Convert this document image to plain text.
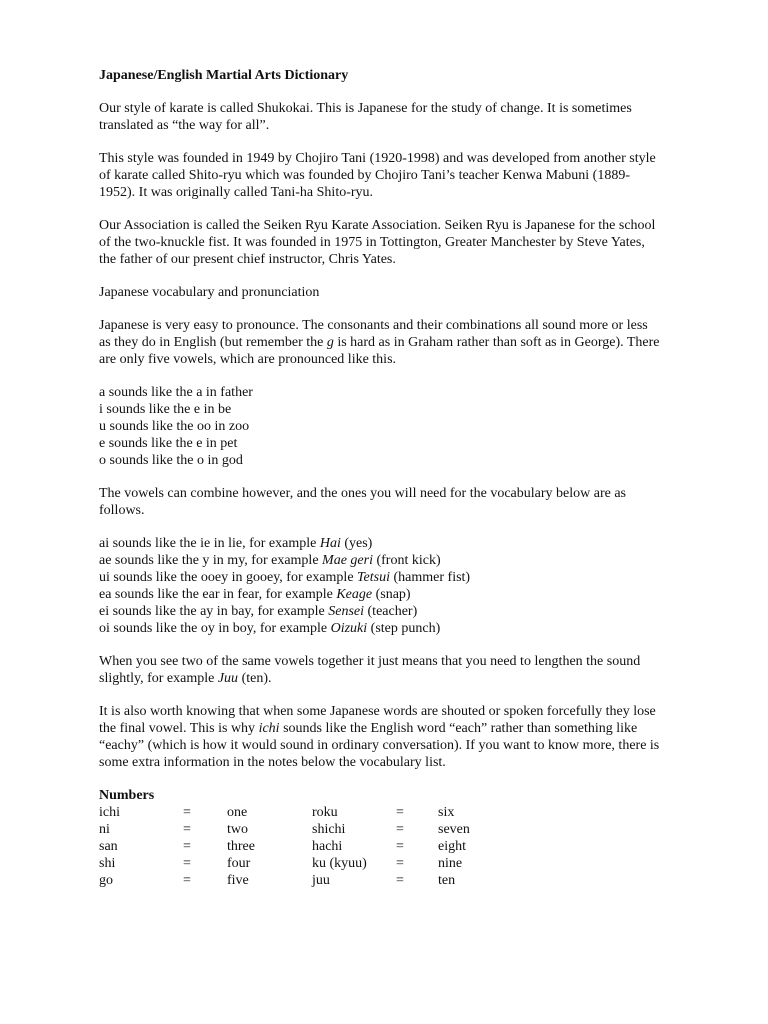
Japanese/English Martial Arts Dictionary

Our style of karate is called Shukokai. This is Japanese for the study of change. It is sometimes translated as “the way for all”.

This style was founded in 1949 by Chojiro Tani (1920-1998) and was developed from another style
of karate called Shito-ryu which was founded by Chojiro Tani’s teacher Kenwa Mabuni (1889-
1952). It was originally called Tani-ha Shito-ryu.
Our Association is called the Seiken Ryu Karate Association. Seiken Ryu is Japanese for the school
of the two-knuckle fist. It was founded in 1975 in Tottington, Greater Manchester by Steve Yates,
the father of our present chief instructor, Chris Yates.

Japanese vocabulary and pronunciation

Japanese is very easy to pronounce. The consonants and their combinations all sound more or less
as they do in English (but remember the g is hard as in Graham rather than soft as in George). There
are only five vowels, which are pronounced like this.
a sounds like the a in father
i sounds like the e in be
u sounds like the oo in zoo
e sounds like the e in pet
o sounds like the o in god
The vowels can combine however, and the ones you will need for the vocabulary below are as
follows.
ai sounds like the ie in lie, for example Hai (yes)
ae sounds like the y in my, for example Mae geri (front kick)
ui sounds like the ooey in gooey, for example Tetsui (hammer fist)
ea sounds like the ear in fear, for example Keage (snap)
ei sounds like the ay in bay, for example Sensei (teacher)
oi sounds like the oy in boy, for example Oizuki (step punch)
When you see two of the same vowels together it just means that you need to lengthen the sound
slightly, for example Juu (ten).
It is also worth knowing that when some Japanese words are shouted or spoken forcefully they lose
the final vowel. This is why ichi sounds like the English word “each” rather than something like
“eachy” (which is how it would sound in ordinary conversation). If you want to know more, there is
some extra information in the notes below the vocabulary list.
Numbers
ichi	=	one	roku	=	six
ni	=	two	shichi	=	seven
san	=	three	hachi	=	eight
shi	=	four	ku (kyuu)	=	nine
go	=	five	juu	=	ten
